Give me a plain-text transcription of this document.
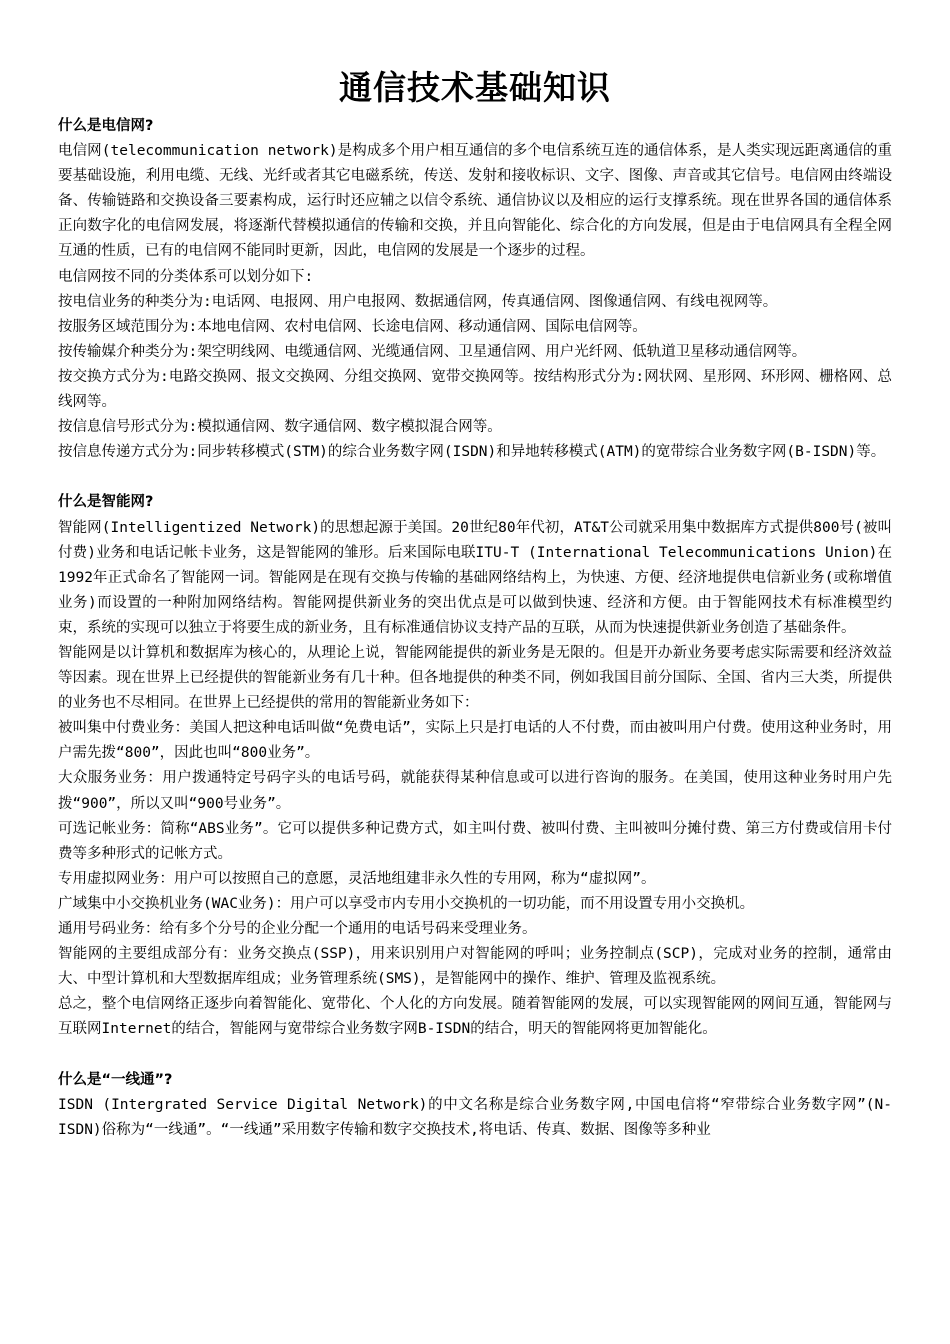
通信技术基础知识

什么是电信网?

电信网(telecommunication network)是构成多个用户相互通信的多个电信系统互连的通信体系，是人类实现远距离通信的重要基础设施，利用电缆、无线、光纤或者其它电磁系统，传送、发射和接收标识、文字、图像、声音或其它信号。电信网由终端设备、传输链路和交换设备三要素构成，运行时还应辅之以信令系统、通信协议以及相应的运行支撑系统。现在世界各国的通信体系正向数字化的电信网发展，将逐渐代替模拟通信的传输和交换，并且向智能化、综合化的方向发展，但是由于电信网具有全程全网互通的性质，已有的电信网不能同时更新，因此，电信网的发展是一个逐步的过程。

电信网按不同的分类体系可以划分如下:

按电信业务的种类分为:电话网、电报网、用户电报网、数据通信网，传真通信网、图像通信网、有线电视网等。

按服务区域范围分为:本地电信网、农村电信网、长途电信网、移动通信网、国际电信网等。

按传输媒介种类分为:架空明线网、电缆通信网、光缆通信网、卫星通信网、用户光纤网、低轨道卫星移动通信网等。

按交换方式分为:电路交换网、报文交换网、分组交换网、宽带交换网等。按结构形式分为:网状网、星形网、环形网、栅格网、总线网等。

按信息信号形式分为:模拟通信网、数字通信网、数字模拟混合网等。

按信息传递方式分为:同步转移模式(STM)的综合业务数字网(ISDN)和异地转移模式(ATM)的宽带综合业务数字网(B-ISDN)等。

什么是智能网?

智能网(Intelligentized Network)的思想起源于美国。20世纪80年代初，AT&T公司就采用集中数据库方式提供800号(被叫付费)业务和电话记帐卡业务，这是智能网的雏形。后来国际电联ITU-T (International Telecommunications Union)在1992年正式命名了智能网一词。智能网是在现有交换与传输的基础网络结构上，为快速、方便、经济地提供电信新业务(或称增值业务)而设置的一种附加网络结构。智能网提供新业务的突出优点是可以做到快速、经济和方便。由于智能网技术有标准模型约束，系统的实现可以独立于将要生成的新业务，且有标准通信协议支持产品的互联，从而为快速提供新业务创造了基础条件。

智能网是以计算机和数据库为核心的，从理论上说，智能网能提供的新业务是无限的。但是开办新业务要考虑实际需要和经济效益等因素。现在世界上已经提供的智能新业务有几十种。但各地提供的种类不同，例如我国目前分国际、全国、省内三大类，所提供的业务也不尽相同。在世界上已经提供的常用的智能新业务如下：

被叫集中付费业务：美国人把这种电话叫做“免费电话”，实际上只是打电话的人不付费，而由被叫用户付费。使用这种业务时，用户需先拨“800”，因此也叫“800业务”。

大众服务业务：用户拨通特定号码字头的电话号码，就能获得某种信息或可以进行咨询的服务。在美国，使用这种业务时用户先拨“900”，所以又叫“900号业务”。

可选记帐业务：简称“ABS业务”。它可以提供多种记费方式，如主叫付费、被叫付费、主叫被叫分摊付费、第三方付费或信用卡付费等多种形式的记帐方式。

专用虚拟网业务：用户可以按照自己的意愿，灵活地组建非永久性的专用网，称为“虚拟网”。

广域集中小交换机业务(WAC业务)：用户可以享受市内专用小交换机的一切功能，而不用设置专用小交换机。

通用号码业务：给有多个分号的企业分配一个通用的电话号码来受理业务。

智能网的主要组成部分有：业务交换点(SSP)，用来识别用户对智能网的呼叫；业务控制点(SCP)，完成对业务的控制，通常由大、中型计算机和大型数据库组成；业务管理系统(SMS)，是智能网中的操作、维护、管理及监视系统。

总之，整个电信网络正逐步向着智能化、宽带化、个人化的方向发展。随着智能网的发展，可以实现智能网的网间互通，智能网与互联网Internet的结合，智能网与宽带综合业务数字网B-ISDN的结合，明天的智能网将更加智能化。

什么是“一线通”?

ISDN (Intergrated Service Digital Network)的中文名称是综合业务数字网,中国电信将“窄带综合业务数字网”(N-ISDN)俗称为“一线通”。“一线通”采用数字传输和数字交换技术,将电话、传真、数据、图像等多种业
